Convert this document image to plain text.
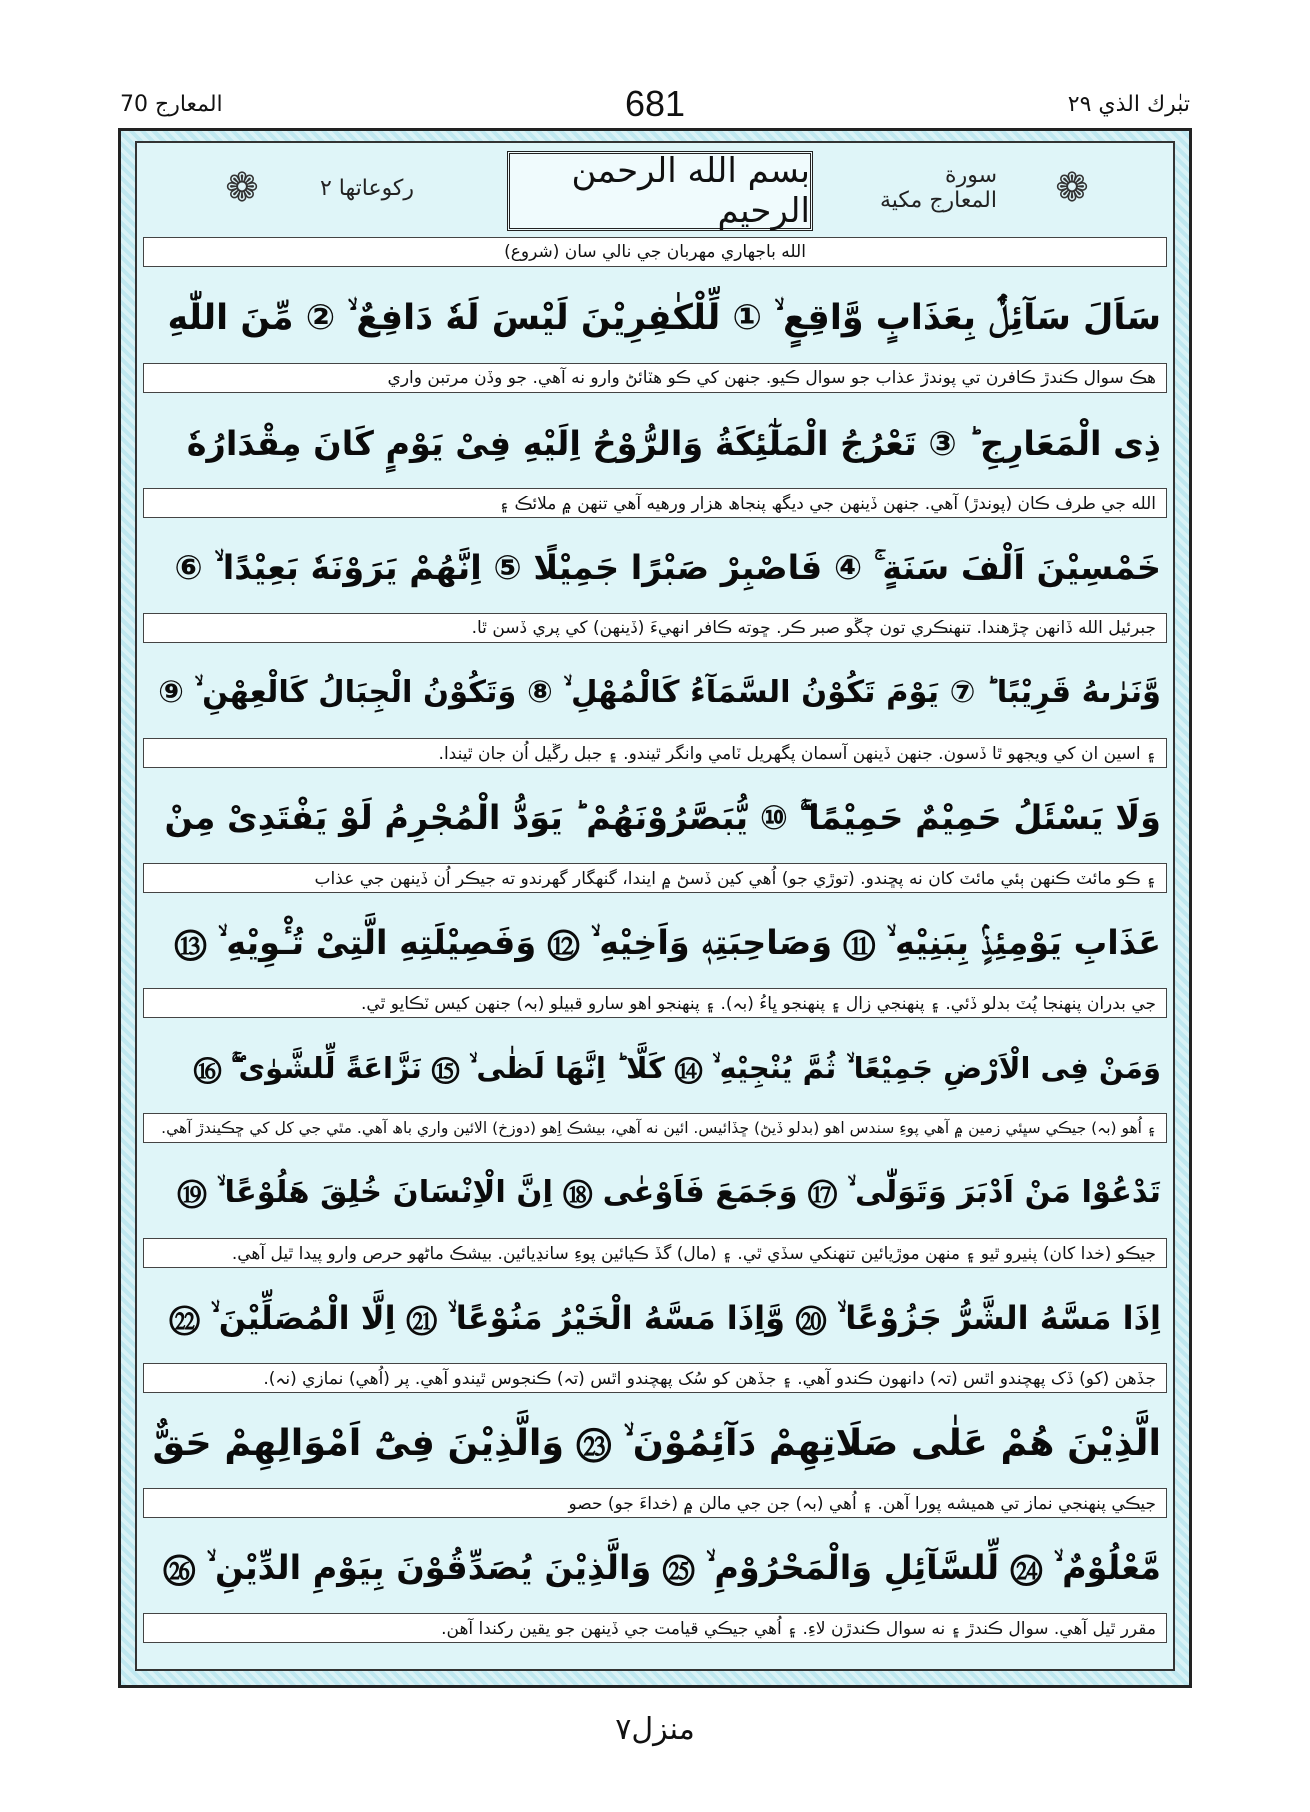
المعارج 70	681	تبٰرك الذي ٢٩
❁	ركوعاتها ٢	بسم الله الرحمن الرحيم
سورة المعارج مكية	❁
الله باجهاري مهربان جي نالي سان (شروع)
سَاَلَ سَآئِلٌۢ بِعَذَابٍ وَّاقِعٍ ۙ ① لِّلْكٰفِرِيْنَ لَيْسَ لَهٗ دَافِعٌ ۙ ② مِّنَ اللّٰهِ
هڪ سوال ڪندڙ ڪافرن تي پوندڙ عذاب جو سوال ڪيو. جنهن کي ڪو هٽائڻ وارو نه آهي. جو وڏن مرتبن واري
ذِى الْمَعَارِجِ ؕ ③ تَعْرُجُ الْمَلٰٓئِكَةُ وَالرُّوْحُ اِلَيْهِ فِىْ يَوْمٍ كَانَ مِقْدَارُهٗ
الله جي طرف ڪان (پوندڙ) آهي. جنهن ڏينهن جي ديگھ پنجاھ هزار ورهيه آهي تنهن ۾ ملائڪ ۽
خَمْسِيْنَ اَلْفَ سَنَةٍ ۚ ④ فَاصْبِرْ صَبْرًا جَمِيْلًا ⑤ اِنَّهُمْ يَرَوْنَهٗ بَعِيْدًا ۙ ⑥
جبرئيل الله ڏانهن چڙهندا. تنهنڪري تون چڱو صبر ڪر. ڇوته ڪافر انهيءَ (ڏينهن) کي پري ڏسن ٿا.
وَّنَرٰىهُ قَرِيْبًا ؕ ⑦ يَوْمَ تَكُوْنُ السَّمَآءُ كَالْمُهْلِ ۙ ⑧ وَتَكُوْنُ الْجِبَالُ كَالْعِهْنِ ۙ ⑨
۽ اسين ان کي ويجهو ٿا ڏسون. جنهن ڏينهن آسمان پگهريل ٽامي وانگر ٿيندو. ۽ جبل رڱيل اُن جان ٿيندا.
وَلَا يَسْئَلُ حَمِيْمٌ حَمِيْمًا ۚۖ ⑩ يُّبَصَّرُوْنَهُمْ ؕ يَوَدُّ الْمُجْرِمُ لَوْ يَفْتَدِىْ مِنْ
۽ ڪو مائٽ ڪنهن ٻئي مائٽ کان نه پڇندو. (توڙي جو) اُهي کين ڏسڻ ۾ ايندا، گنهگار گهرندو ته جيڪر اُن ڏينهن جي عذاب
عَذَابِ يَوْمِئِذٍۢ بِبَنِيْهِ ۙ ⑪ وَصَاحِبَتِهٖ وَاَخِيْهِ ۙ ⑫ وَفَصِيْلَتِهِ الَّتِىْ تُـْٔوِيْهِ ۙ ⑬
جي بدران پنهنجا پُٽ بدلو ڏئي. ۽ پنهنجي زال ۽ پنهنجو ڀاءُ (بہ). ۽ پنهنجو اهو سارو قبيلو (بہ) جنهن کيس ٽڪايو ٿي.
وَمَنْ فِى الْاَرْضِ جَمِيْعًا ۙ ثُمَّ يُنْجِيْهِ ۙ ⑭ كَلَّا ؕ اِنَّهَا لَظٰى ۙ ⑮ نَزَّاعَةً لِّلشَّوٰى ۚۖ ⑯
۽ اُهو (بہ) جيڪي سڀئي زمين ۾ آهي پوءِ سندس اهو (بدلو ڏيڻ) ڇڏائيس. ائين نه آهي، بيشڪ اِهو (دوزخ) الائين واري باھ آهي. مٿي جي کل کي ڇڪيندڙ آهي.
تَدْعُوْا مَنْ اَدْبَرَ وَتَوَلّٰى ۙ ⑰ وَجَمَعَ فَاَوْعٰى ⑱ اِنَّ الْاِنْسَانَ خُلِقَ هَلُوْعًا ۙ ⑲
جيڪو (خدا کان) پٺيرو ٿيو ۽ منهن موڙيائين تنهنکي سڏي ٿي. ۽ (مال) گڏ ڪيائين پوءِ سانڍيائين. بيشڪ ماڻهو حرص وارو پيدا ٿيل آهي.
اِذَا مَسَّهُ الشَّرُّ جَزُوْعًا ۙ ⑳ وَّاِذَا مَسَّهُ الْخَيْرُ مَنُوْعًا ۙ ㉑ اِلَّا الْمُصَلِّيْنَ ۙ ㉒
جڏهن (کو) ڏک پهچندو اٿس (تہ) دانهون ڪندو آهي. ۽ جڏهن کو سُک پهچندو اٿس (تہ) ڪنجوس ٿيندو آهي. پر (اُهي) نمازي (نہ).
الَّذِيْنَ هُمْ عَلٰى صَلَاتِهِمْ دَآئِمُوْنَ ۙ ㉓ وَالَّذِيْنَ فِىْٓ اَمْوَالِهِمْ حَقٌّ
جيڪي پنهنجي نماز تي هميشه پورا آهن. ۽ اُهي (بہ) جن جي مالن ۾ (خداءَ جو) حصو
مَّعْلُوْمٌ ۙ ㉔ لِّلسَّآئِلِ وَالْمَحْرُوْمِ ۙ ㉕ وَالَّذِيْنَ يُصَدِّقُوْنَ بِيَوْمِ الدِّيْنِ ۙ ㉖
مقرر ٿيل آهي. سوال ڪندڙ ۽ نه سوال ڪندڙن لاءِ. ۽ اُهي جيڪي قيامت جي ڏينهن جو يقين رکندا آهن.
منزل٧
